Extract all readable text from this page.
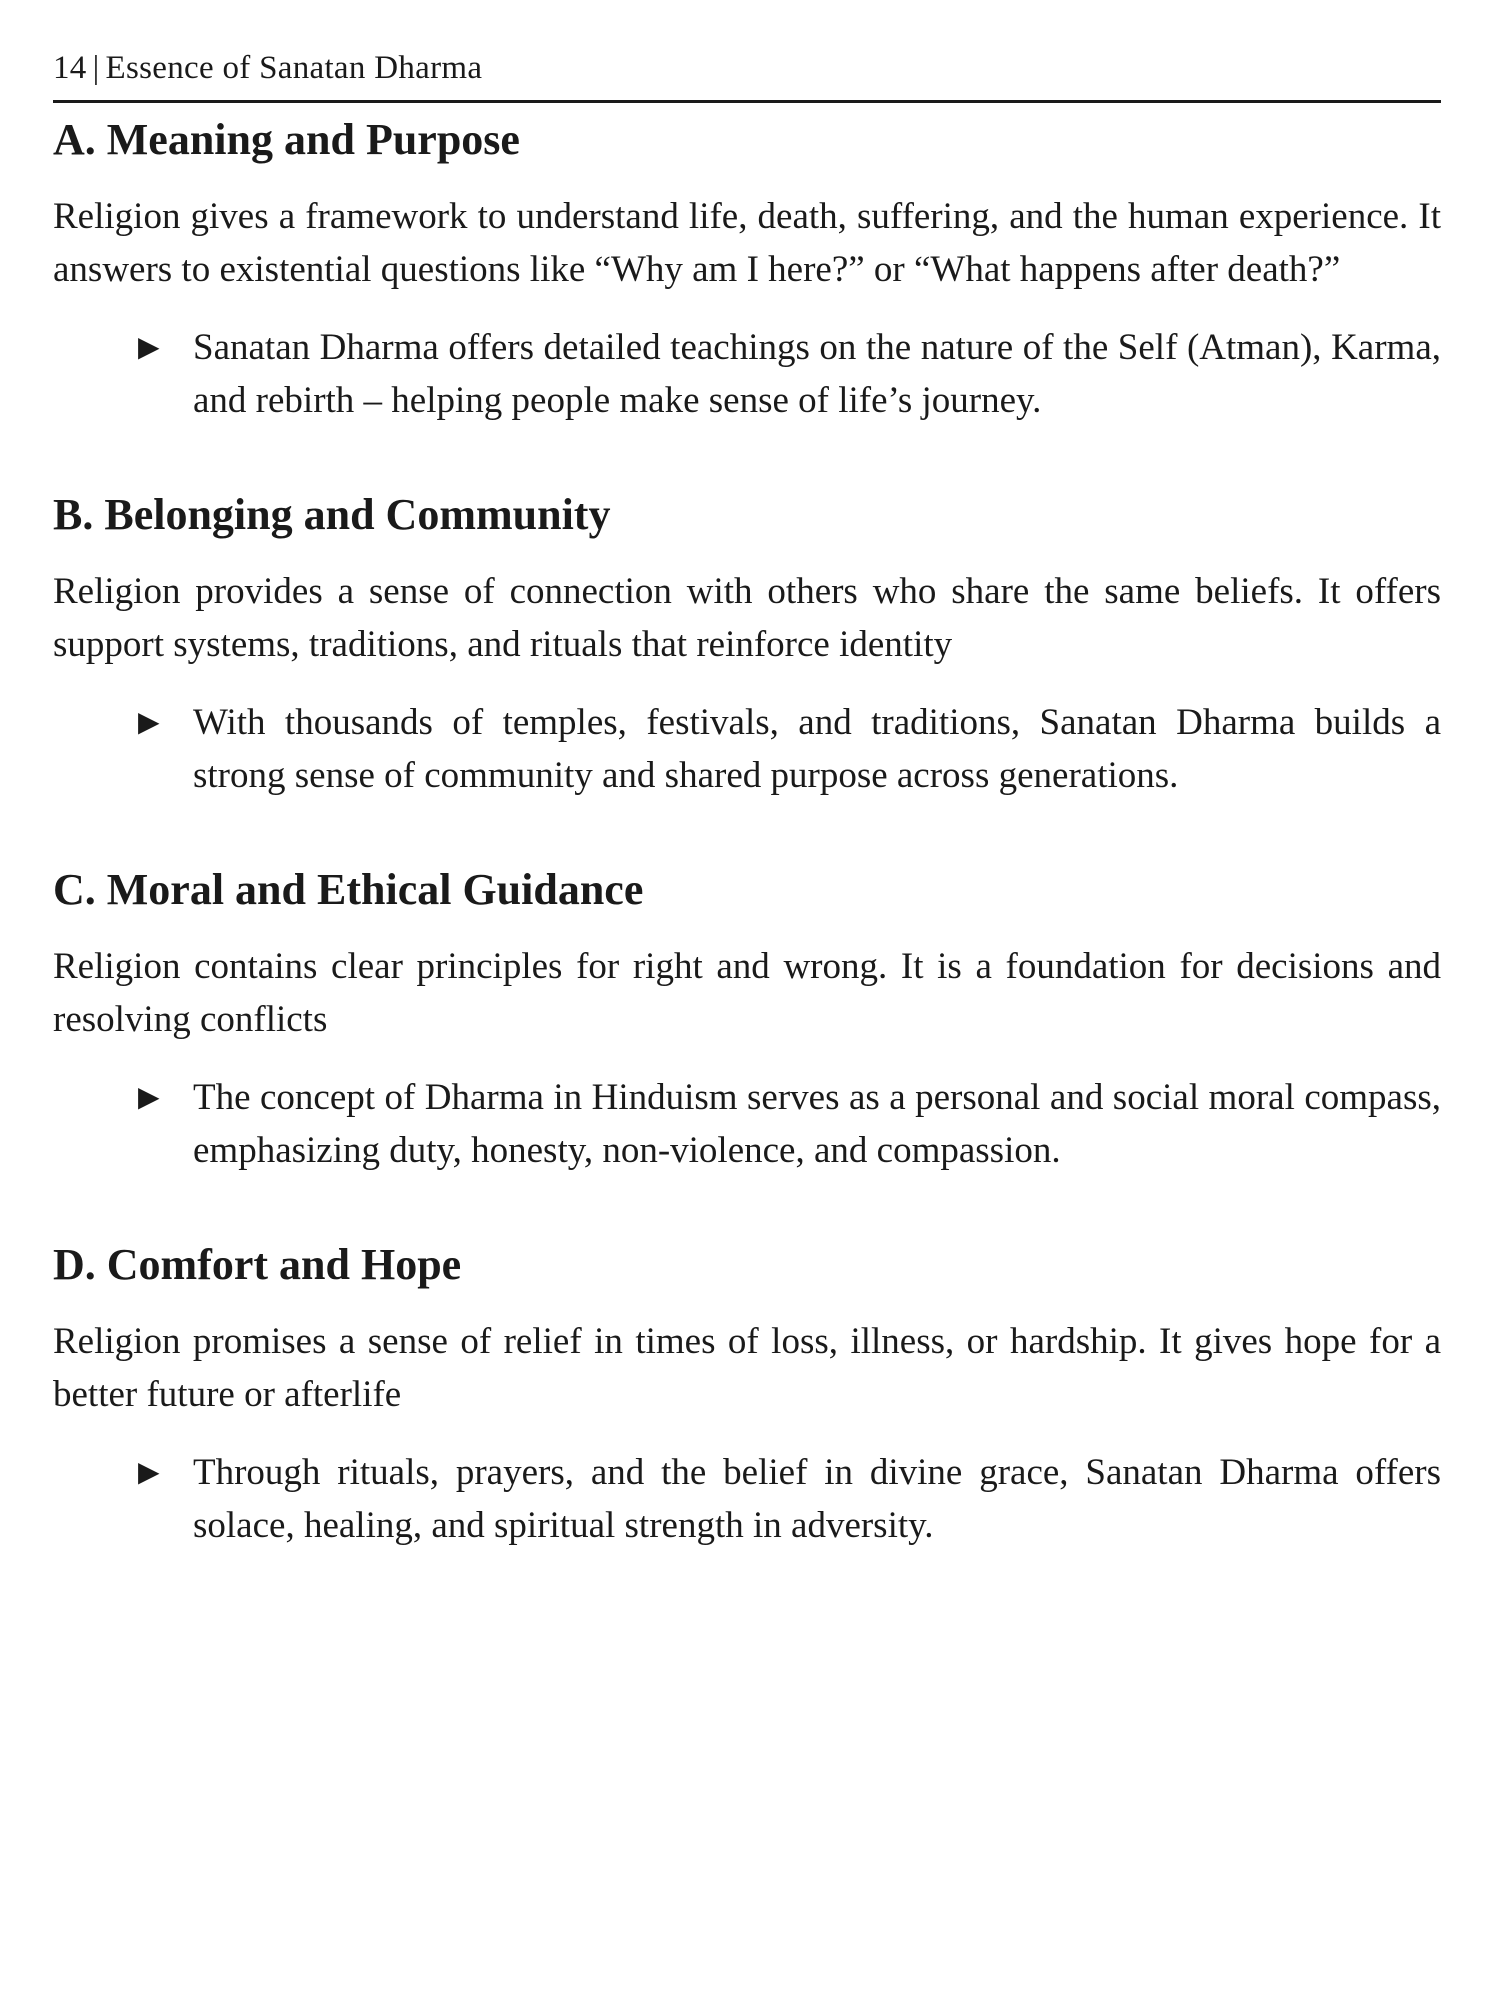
14 | Essence of Sanatan Dharma
A. Meaning and Purpose

Religion gives a framework to understand life, death, suffering, and the human experience. It answers to existential questions like “Why am I here?” or “What happens after death?”

▶ Sanatan Dharma offers detailed teachings on the nature of the Self (Atman), Karma, and rebirth – helping people make sense of life’s journey.
B. Belonging and Community

Religion provides a sense of connection with others who share the same beliefs. It offers support systems, traditions, and rituals that reinforce identity

▶ With thousands of temples, festivals, and traditions, Sanatan Dharma builds a strong sense of community and shared purpose across generations.
C. Moral and Ethical Guidance

Religion contains clear principles for right and wrong. It is a foundation for decisions and resolving conflicts

▶ The concept of Dharma in Hinduism serves as a personal and social moral compass, emphasizing duty, honesty, non-violence, and compassion.
D. Comfort and Hope

Religion promises a sense of relief in times of loss, illness, or hardship. It gives hope for a better future or afterlife

▶ Through rituals, prayers, and the belief in divine grace, Sanatan Dharma offers solace, healing, and spiritual strength in adversity.
